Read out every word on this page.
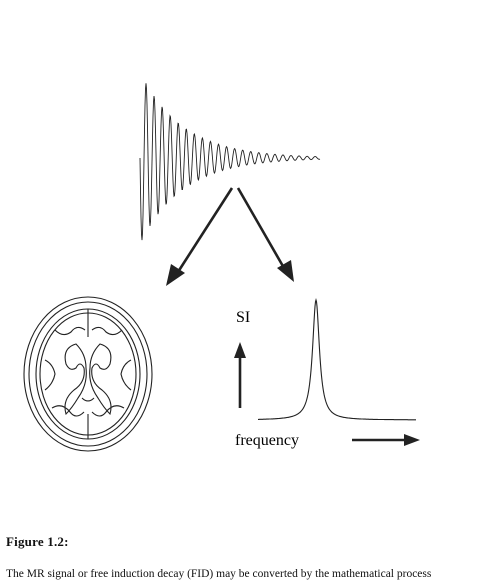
SI
frequency
Figure 1.2:
The MR signal or free induction decay (FID) may be converted by the mathematical process
